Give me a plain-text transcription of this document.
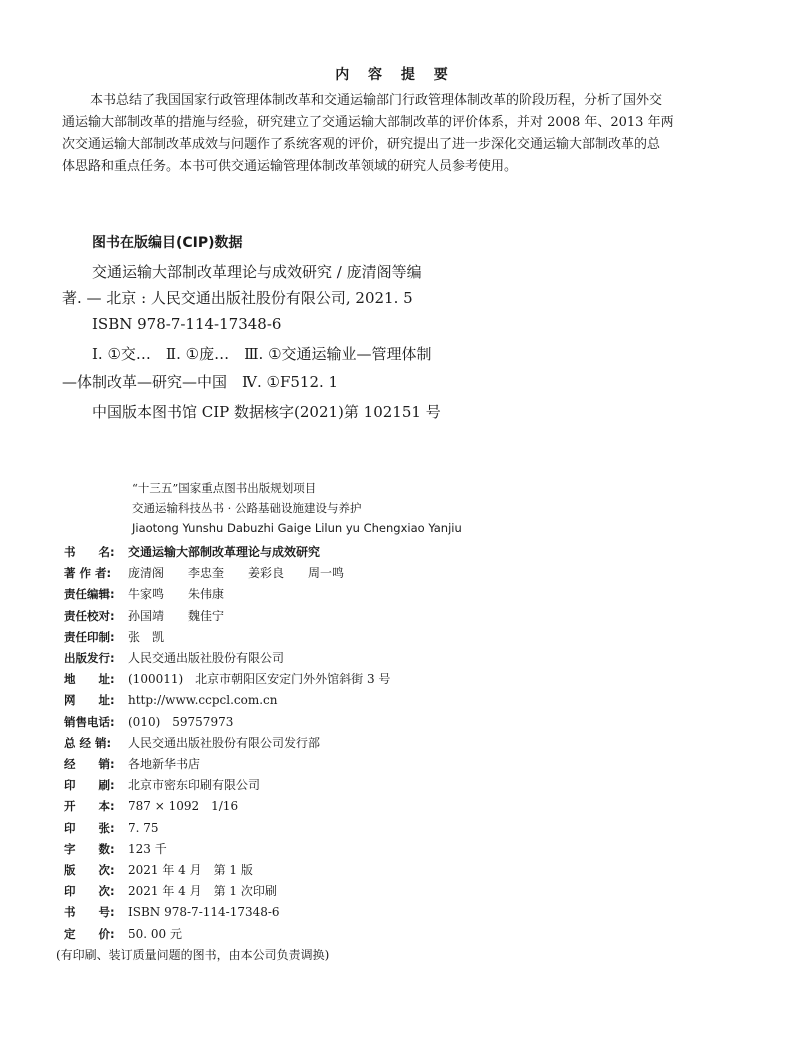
内 容 提 要
本书总结了我国国家行政管理体制改革和交通运输部门行政管理体制改革的阶段历程，分析了国外交
通运输大部制改革的措施与经验，研究建立了交通运输大部制改革的评价体系，并对 2008 年、2013 年两
次交通运输大部制改革成效与问题作了系统客观的评价，研究提出了进一步深化交通运输大部制改革的总
体思路和重点任务。本书可供交通运输管理体制改革领域的研究人员参考使用。
图书在版编目(CIP)数据
交通运输大部制改革理论与成效研究 / 庞清阁等编
著. — 北京 : 人民交通出版社股份有限公司, 2021. 5
ISBN 978-7-114-17348-6
Ⅰ. ①交…　Ⅱ. ①庞…　Ⅲ. ①交通运输业—管理体制
—体制改革—研究—中国　Ⅳ. ①F512. 1
中国版本图书馆 CIP 数据核字(2021)第 102151 号
“十三五”国家重点图书出版规划项目
交通运输科技丛书 · 公路基础设施建设与养护
Jiaotong Yunshu Dabuzhi Gaige Lilun yu Chengxiao Yanjiu
书　　名: 交通运输大部制改革理论与成效研究
著 作 者: 庞清阁　　李忠奎　　姜彩良　　周一鸣
责任编辑: 牛家鸣　　朱伟康
责任校对: 孙国靖　　魏佳宁
责任印制: 张　凯
出版发行: 人民交通出版社股份有限公司
地　　址: (100011)　北京市朝阳区安定门外外馆斜街 3 号
网　　址: http://www.ccpcl.com.cn
销售电话: (010)　59757973
总 经 销: 人民交通出版社股份有限公司发行部
经　　销: 各地新华书店
印　　刷: 北京市密东印刷有限公司
开　　本: 787 × 1092　1/16
印　　张: 7. 75
字　　数: 123 千
版　　次: 2021 年 4 月　第 1 版
印　　次: 2021 年 4 月　第 1 次印刷
书　　号: ISBN 978-7-114-17348-6
定　　价: 50. 00 元
(有印刷、装订质量问题的图书，由本公司负责调换)
